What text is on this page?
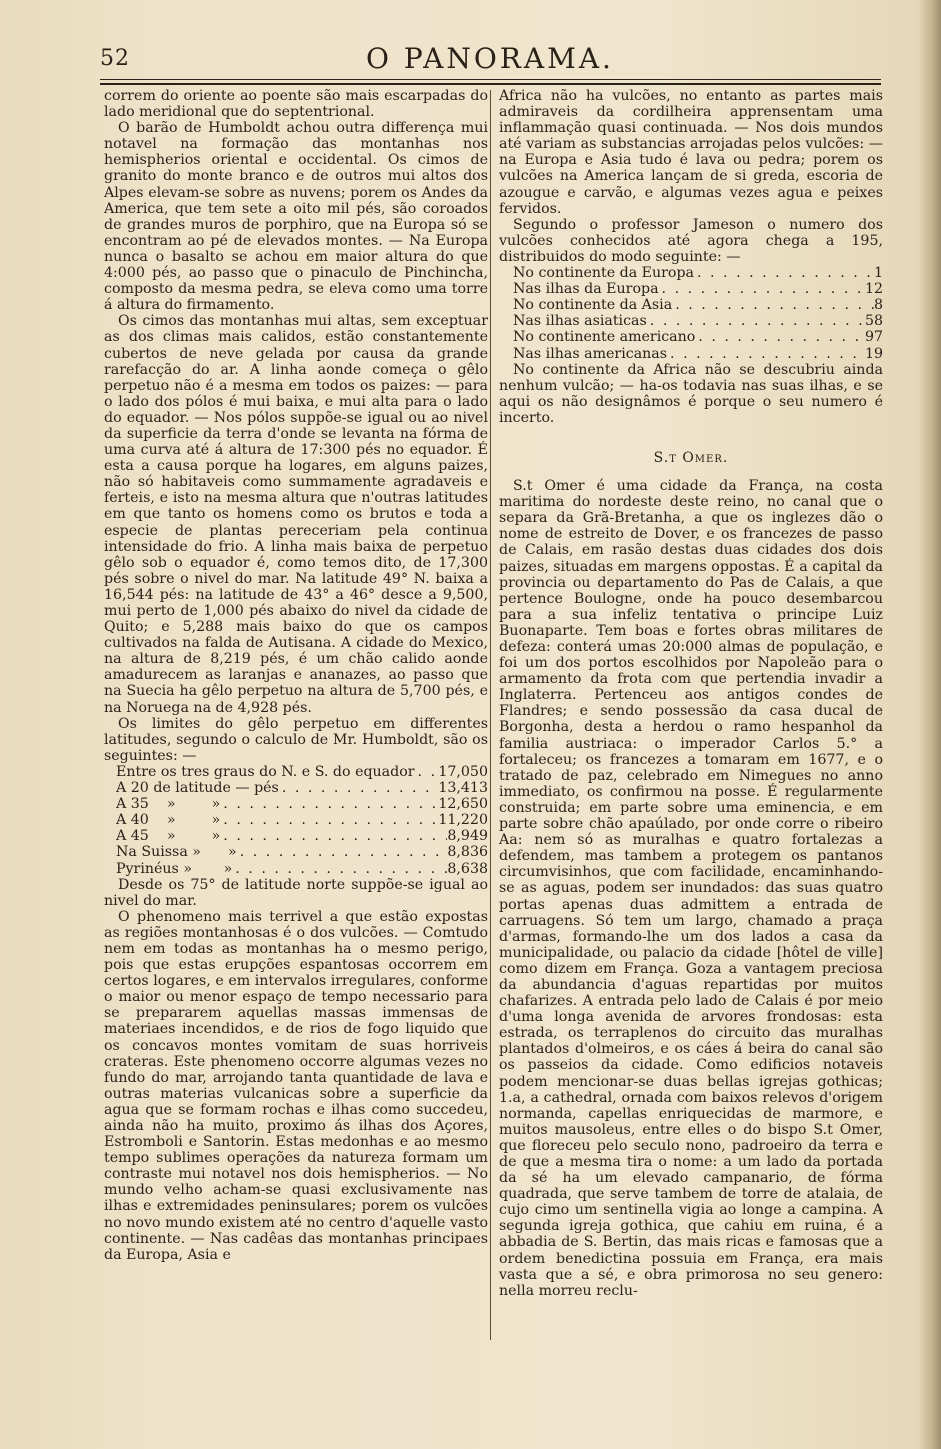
52	O PANORAMA.

correm do oriente ao poente são mais escarpadas do lado meridional que do septentrional.

O barão de Humboldt achou outra differença mui notavel na formação das montanhas nos hemispherios oriental e occidental. Os cimos de granito do monte branco e de outros mui altos dos Alpes elevam-se sobre as nuvens; porem os Andes da America, que tem sete a oito mil pés, são coroados de grandes muros de porphiro, que na Europa só se encontram ao pé de elevados montes. — Na Europa nunca o basalto se achou em maior altura do que 4:000 pés, ao passo que o pinaculo de Pinchincha, composto da mesma pedra, se eleva como uma torre á altura do firmamento.

Os cimos das montanhas mui altas, sem exceptuar as dos climas mais calidos, estão constantemente cubertos de neve gelada por causa da grande rarefacção do ar. A linha aonde começa o gêlo perpetuo não é a mesma em todos os paizes: — para o lado dos pólos é mui baixa, e mui alta para o lado do equador. — Nos pólos suppõe-se igual ou ao nivel da superficie da terra d'onde se levanta na fórma de uma curva até á altura de 17:300 pés no equador. É esta a causa porque ha logares, em alguns paizes, não só habitaveis como summamente agradaveis e ferteis, e isto na mesma altura que n'outras latitudes em que tanto os homens como os brutos e toda a especie de plantas pereceriam pela continua intensidade do frio. A linha mais baixa de perpetuo gêlo sob o equador é, como temos dito, de 17,300 pés sobre o nivel do mar. Na latitude 49° N. baixa a 16,544 pés: na latitude de 43° a 46° desce a 9,500, mui perto de 1,000 pés abaixo do nivel da cidade de Quito; e 5,288 mais baixo do que os campos cultivados na falda de Autisana. A cidade do Mexico, na altura de 8,219 pés, é um chão calido aonde amadurecem as laranjas e ananazes, ao passo que na Suecia ha gêlo perpetuo na altura de 5,700 pés, e na Noruega na de 4,928 pés.

Os limites do gêlo perpetuo em differentes latitudes, segundo o calculo de Mr. Humboldt, são os seguintes: —

Entre os tres graus do N. e S. do equador . . . 17,050
A 20 de latitude — pés . . .	13,413
A 35    »        » . . .	12,650
A 40    »        » . . .	11,220
A 45    »        » . . .	8,949
Na Suissa »      » . . .	8,836
Pyrinéus »       » . . .	8,638

Desde os 75° de latitude norte suppõe-se igual ao nivel do mar.

O phenomeno mais terrivel a que estão expostas as regiões montanhosas é o dos vulcões. — Comtudo nem em todas as montanhas ha o mesmo perigo, pois que estas erupções espantosas occorrem em certos logares, e em intervalos irregulares, conforme o maior ou menor espaço de tempo necessario para se prepararem aquellas massas immensas de materiaes incendidos, e de rios de fogo liquido que os concavos montes vomitam de suas horriveis crateras. Este phenomeno occorre algumas vezes no fundo do mar, arrojando tanta quantidade de lava e outras materias vulcanicas sobre a superficie da agua que se formam rochas e ilhas como succedeu, ainda não ha muito, proximo ás ilhas dos Açores, Estromboli e Santorin. Estas medonhas e ao mesmo tempo sublimes operações da natureza formam um contraste mui notavel nos dois hemispherios. — No mundo velho acham-se quasi exclusivamente nas ilhas e extremidades peninsulares; porem os vulcões no novo mundo existem até no centro d'aquelle vasto continente. — Nas cadêas das montanhas principaes da Europa, Asia e

Africa não ha vulcões, no entanto as partes mais admiraveis da cordilheira apprensentam uma inflammação quasi continuada. — Nos dois mundos até variam as substancias arrojadas pelos vulcões: — na Europa e Asia tudo é lava ou pedra; porem os vulcões na America lançam de si greda, escoria de azougue e carvão, e algumas vezes agua e peixes fervidos.

Segundo o professor Jameson o numero dos vulcões conhecidos até agora chega a 195, distribuidos do modo seguinte: —

No continente da Europa . . .	1
Nas ilhas da Europa . . .	12
No continente da Asia . . .	8
Nas ilhas asiaticas . . .	58
No continente americano . . .	97
Nas ilhas americanas . . .	19

No continente da Africa não se descubriu ainda nenhum vulcão; — ha-os todavia nas suas ilhas, e se aqui os não designâmos é porque o seu numero é incerto.

S.t Omer.

S.t Omer é uma cidade da França, na costa maritima do nordeste deste reino, no canal que o separa da Grã-Bretanha, a que os inglezes dão o nome de estreito de Dover, e os francezes de passo de Calais, em rasão destas duas cidades dos dois paizes, situadas em margens oppostas. É a capital da provincia ou departamento do Pas de Calais, a que pertence Boulogne, onde ha pouco desembarcou para a sua infeliz tentativa o principe Luiz Buonaparte. Tem boas e fortes obras militares de defeza: conterá umas 20:000 almas de população, e foi um dos portos escolhidos por Napoleão para o armamento da frota com que pertendia invadir a Inglaterra. Pertenceu aos antigos condes de Flandres; e sendo possessão da casa ducal de Borgonha, desta a herdou o ramo hespanhol da familia austriaca: o imperador Carlos 5.° a fortaleceu; os francezes a tomaram em 1677, e o tratado de paz, celebrado em Nimegues no anno immediato, os confirmou na posse. É regularmente construida; em parte sobre uma eminencia, e em parte sobre chão apaúlado, por onde corre o ribeiro Aa: nem só as muralhas e quatro fortalezas a defendem, mas tambem a protegem os pantanos circumvisinhos, que com facilidade, encaminhando-se as aguas, podem ser inundados: das suas quatro portas apenas duas admittem a entrada de carruagens. Só tem um largo, chamado a praça d'armas, formando-lhe um dos lados a casa da municipalidade, ou palacio da cidade [hôtel de ville] como dizem em França. Goza a vantagem preciosa da abundancia d'aguas repartidas por muitos chafarizes. A entrada pelo lado de Calais é por meio d'uma longa avenida de arvores frondosas: esta estrada, os terraplenos do circuito das muralhas plantados d'olmeiros, e os cáes á beira do canal são os passeios da cidade. Como edificios notaveis podem mencionar-se duas bellas igrejas gothicas; 1.a, a cathedral, ornada com baixos relevos d'origem normanda, capellas enriquecidas de marmore, e muitos mausoleus, entre elles o do bispo S.t Omer, que floreceu pelo seculo nono, padroeiro da terra e de que a mesma tira o nome: a um lado da portada da sé ha um elevado campanario, de fórma quadrada, que serve tambem de torre de atalaia, de cujo cimo um sentinella vigia ao longe a campina. A segunda igreja gothica, que cahiu em ruina, é a abbadia de S. Bertin, das mais ricas e famosas que a ordem benedictina possuia em França, era mais vasta que a sé, e obra primorosa no seu genero: nella morreu reclu-
